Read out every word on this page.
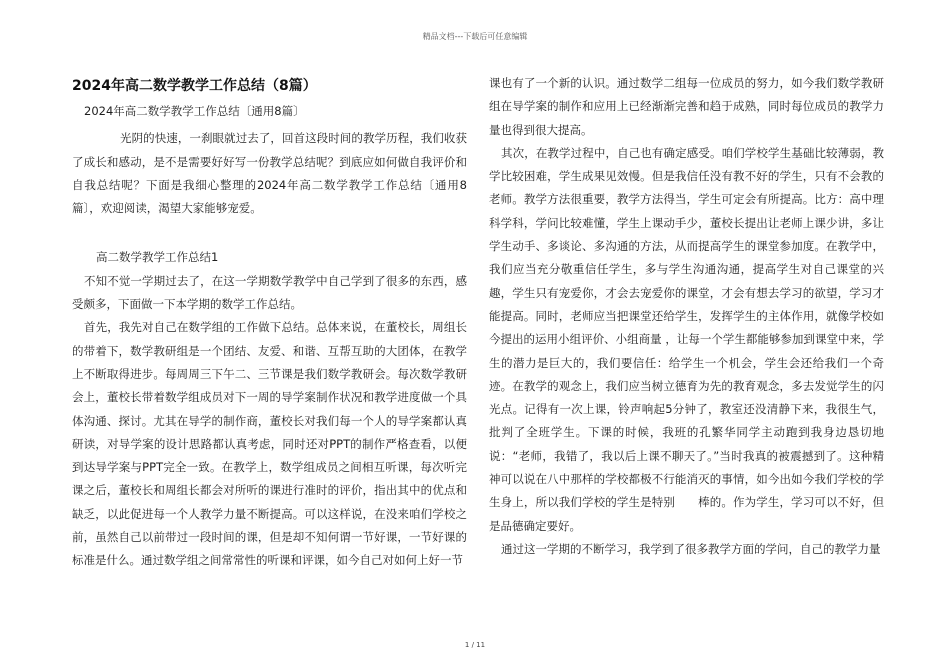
精品文档---下载后可任意编辑
2024年高二数学教学工作总结（8篇）

2024年高二数学教学工作总结〔通用8篇〕

光阴的快速，一刹眼就过去了，回首这段时间的教学历程，我们收获了成长和感动，是不是需要好好写一份教学总结呢？到底应如何做自我评价和自我总结呢？下面是我细心整理的2024年高二数学教学工作总结〔通用8篇〕，欢迎阅读，渴望大家能够宠爱。

高二数学教学工作总结1

不知不觉一学期过去了，在这一学期数学教学中自己学到了很多的东西，感受颇多，下面做一下本学期的数学工作总结。

首先，我先对自己在数学组的工作做下总结。总体来说，在董校长，周组长的带着下，数学教研组是一个团结、友爱、和谐、互帮互助的大团体，在教学上不断取得进步。每周周三下午二、三节课是我们数学教研会。每次数学教研会上，董校长带着数学组成员对下一周的导学案制作状况和教学进度做一个具体沟通、探讨。尤其在导学的制作商，董校长对我们每一个人的导学案都认真研读，对导学案的设计思路都认真考虑，同时还对PPT的制作严格查看，以便到达导学案与PPT完全一致。在教学上，数学组成员之间相互听课，每次听完课之后，董校长和周组长都会对所听的课进行准时的评价，指出其中的优点和缺乏，以此促进每一个人教学力量不断提高。可以这样说，在没来咱们学校之前，虽然自己以前带过一段时间的课，但是却不知何谓一节好课，一节好课的标准是什么。通过数学组之间常常性的听课和评课，如今自己对如何上好一节

课也有了一个新的认识。通过数学二组每一位成员的努力，如今我们数学教研组在导学案的制作和应用上已经渐渐完善和趋于成熟，同时每位成员的教学力量也得到很大提高。

其次，在教学过程中，自己也有确定感受。咱们学校学生基础比较薄弱，教学比较困难，学生成果见效慢。但是我信任没有教不好的学生，只有不会教的老师。教学方法很重要，教学方法得当，学生可定会有所提高。比方：高中理科学科，学问比较难懂，学生上课动手少，董校长提出让老师上课少讲，多让学生动手、多谈论、多沟通的方法，从而提高学生的课堂参加度。在教学中，我们应当充分敬重信任学生，多与学生沟通沟通，提高学生对自己课堂的兴趣，学生只有宠爱你，才会去宠爱你的课堂，才会有想去学习的欲望，学习才能提高。同时，老师应当把课堂还给学生，发挥学生的主体作用，就像学校如今提出的运用小组评价、小组商量 ，让每一个学生都能够参加到课堂中来，学生的潜力是巨大的，我们要信任：给学生一个机会，学生会还给我们一个奇迹。在教学的观念上，我们应当树立德育为先的教育观念，多去发觉学生的闪光点。记得有一次上课，铃声响起5分钟了，教室还没清静下来，我很生气，批判了全班学生。下课的时候，我班的孔繁华同学主动跑到我身边恳切地说：“老师，我错了，我以后上课不聊天了。”当时我真的被震撼到了。这种精神可以说在八中那样的学校都极不行能消灭的事情，如今出如今我们学校的学生身上，所以我们学校的学生是特别　　棒的。作为学生，学习可以不好，但是品德确定要好。

通过这一学期的不断学习，我学到了很多教学方面的学问，自己的教学力量

1 / 11
